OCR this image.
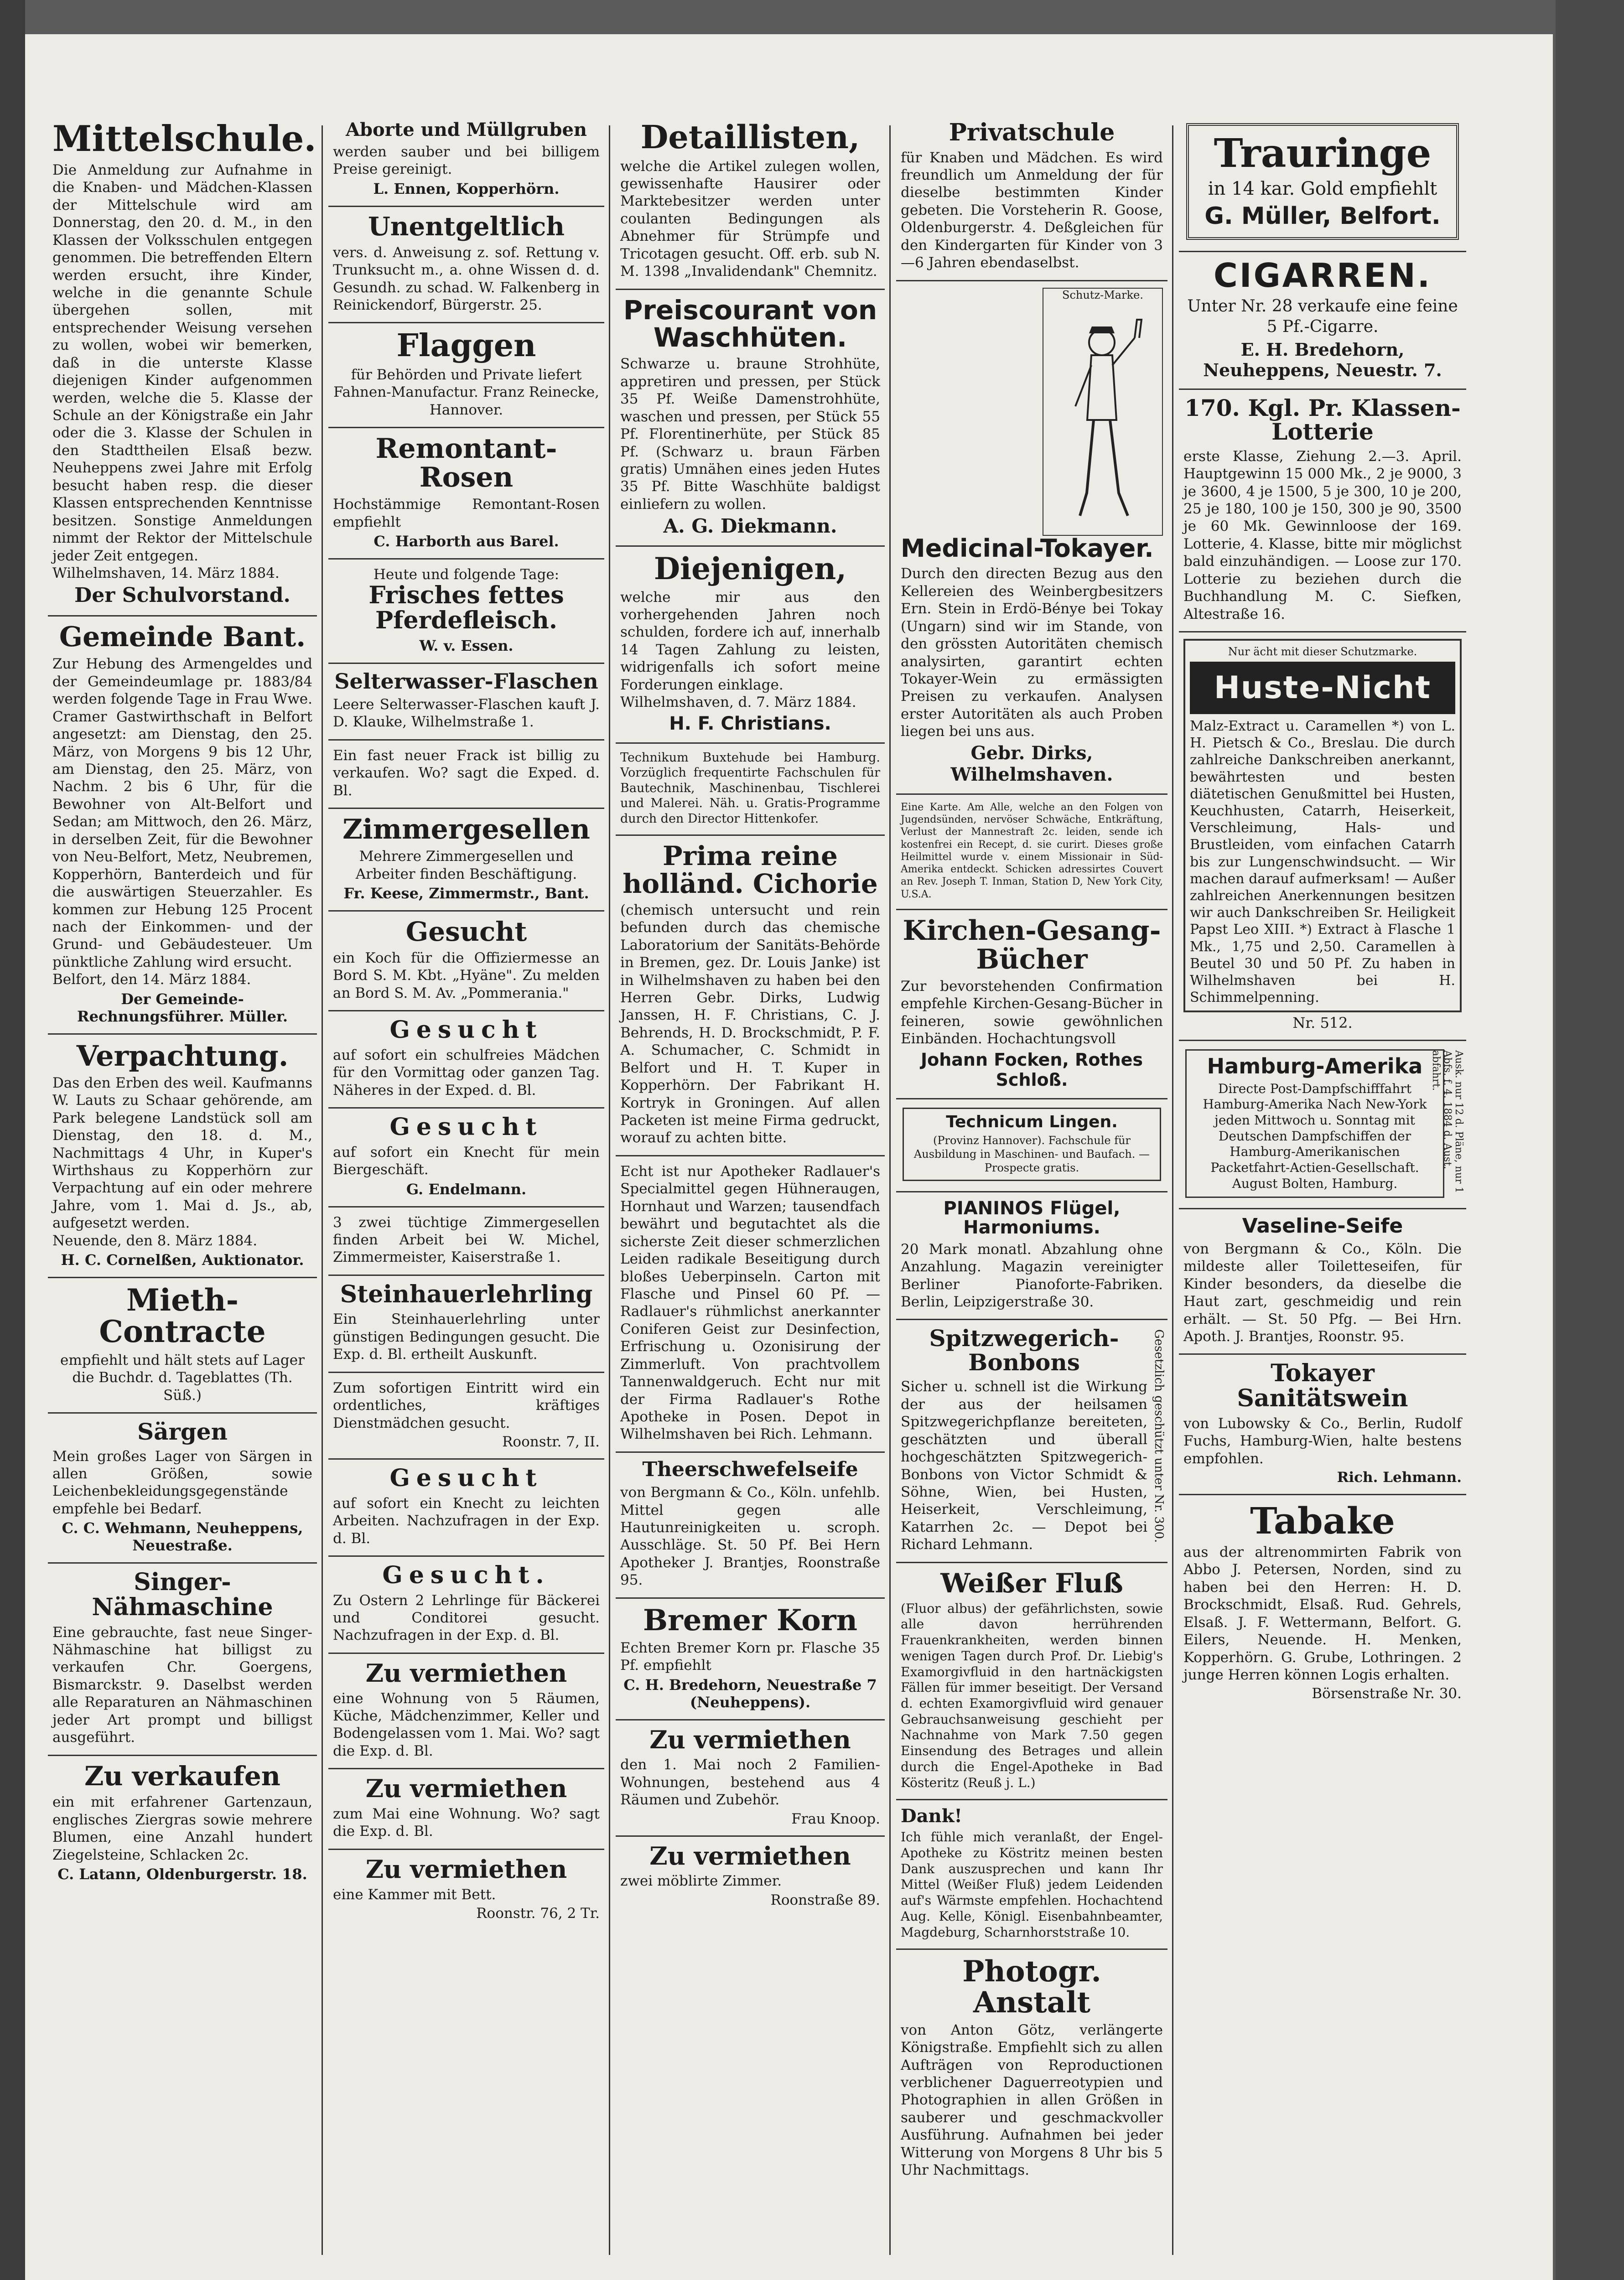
Mittelschule.

Die Anmeldung zur Aufnahme in die Knaben- und Mädchen-Klassen der Mittelschule wird am Donnerstag, den 20. d. M., in den Klassen der Volksschulen entgegen genommen. Die betreffenden Eltern werden ersucht, ihre Kinder, welche in die genannte Schule übergehen sollen, mit entsprechender Weisung versehen zu wollen, wobei wir bemerken, daß in die unterste Klasse diejenigen Kinder aufgenommen werden, welche die 5. Klasse der Schule an der Königstraße ein Jahr oder die 3. Klasse der Schulen in den Stadttheilen Elsaß bezw. Neuheppens zwei Jahre mit Erfolg besucht haben resp. die dieser Klassen entsprechenden Kenntnisse besitzen. Sonstige Anmeldungen nimmt der Rektor der Mittelschule jeder Zeit entgegen.

Wilhelmshaven, 14. März 1884.

Der Schulvorstand.

Gemeinde Bant.

Zur Hebung des Armengeldes und der Gemeindeumlage pr. 1883/84 werden folgende Tage in Frau Wwe. Cramer Gastwirthschaft in Belfort angesetzt: am Dienstag, den 25. März, von Morgens 9 bis 12 Uhr, am Dienstag, den 25. März, von Nachm. 2 bis 6 Uhr, für die Bewohner von Alt-Belfort und Sedan; am Mittwoch, den 26. März, in derselben Zeit, für die Bewohner von Neu-Belfort, Metz, Neubremen, Kopperhörn, Banterdeich und für die auswärtigen Steuerzahler. Es kommen zur Hebung 125 Procent nach der Einkommen- und der Grund- und Gebäudesteuer. Um pünktliche Zahlung wird ersucht.

Belfort, den 14. März 1884.

Der Gemeinde-Rechnungsführer. Müller.

Verpachtung.

Das den Erben des weil. Kaufmanns W. Lauts zu Schaar gehörende, am Park belegene Landstück soll am Dienstag, den 18. d. M., Nachmittags 4 Uhr, in Kuper's Wirthshaus zu Kopperhörn zur Verpachtung auf ein oder mehrere Jahre, vom 1. Mai d. Js., ab, aufgesetzt werden.

Neuende, den 8. März 1884.

H. C. Cornelßen, Auktionator.

Mieth-Contracte

empfiehlt und hält stets auf Lager die Buchdr. d. Tageblattes (Th. Süß.)

Särgen

Mein großes Lager von Särgen in allen Größen, sowie Leichenbekleidungsgegenstände empfehle bei Bedarf.

C. C. Wehmann, Neuheppens, Neuestraße.

Singer-Nähmaschine

Eine gebrauchte, fast neue Singer-Nähmaschine hat billigst zu verkaufen Chr. Goergens, Bismarckstr. 9. Daselbst werden alle Reparaturen an Nähmaschinen jeder Art prompt und billigst ausgeführt.

Zu verkaufen

ein mit erfahrener Gartenzaun, englisches Ziergras sowie mehrere Blumen, eine Anzahl hundert Ziegelsteine, Schlacken 2c.

C. Latann, Oldenburgerstr. 18.

Aborte und Müllgruben

werden sauber und bei billigem Preise gereinigt.

L. Ennen, Kopperhörn.

Unentgeltlich

vers. d. Anweisung z. sof. Rettung v. Trunksucht m., a. ohne Wissen d. d. Gesundh. zu schad. W. Falkenberg in Reinickendorf, Bürgerstr. 25.

Flaggen

für Behörden und Private liefert Fahnen-Manufactur. Franz Reinecke, Hannover.

Remontant-Rosen

Hochstämmige Remontant-Rosen empfiehlt

C. Harborth aus Barel.

Heute und folgende Tage:

Frisches fettes Pferdefleisch.

W. v. Essen.

Selterwasser-Flaschen

Leere Selterwasser-Flaschen kauft J. D. Klauke, Wilhelmstraße 1.

Ein fast neuer Frack ist billig zu verkaufen. Wo? sagt die Exped. d. Bl.

Zimmergesellen

Mehrere Zimmergesellen und Arbeiter finden Beschäftigung.

Fr. Keese, Zimmermstr., Bant.

Gesucht

ein Koch für die Offiziermesse an Bord S. M. Kbt. „Hyäne". Zu melden an Bord S. M. Av. „Pommerania."

Gesucht

auf sofort ein schulfreies Mädchen für den Vormittag oder ganzen Tag. Näheres in der Exped. d. Bl.

Gesucht

auf sofort ein Knecht für mein Biergeschäft.

G. Endelmann.

3 zwei tüchtige Zimmergesellen finden Arbeit bei W. Michel, Zimmermeister, Kaiserstraße 1.

Steinhauerlehrling

Ein Steinhauerlehrling unter günstigen Bedingungen gesucht. Die Exp. d. Bl. ertheilt Auskunft.

Zum sofortigen Eintritt wird ein ordentliches, kräftiges Dienstmädchen gesucht.

Roonstr. 7, II.

Gesucht

auf sofort ein Knecht zu leichten Arbeiten. Nachzufragen in der Exp. d. Bl.

Gesucht.

Zu Ostern 2 Lehrlinge für Bäckerei und Conditorei gesucht. Nachzufragen in der Exp. d. Bl.

Zu vermiethen

eine Wohnung von 5 Räumen, Küche, Mädchenzimmer, Keller und Bodengelassen vom 1. Mai. Wo? sagt die Exp. d. Bl.

Zu vermiethen

zum Mai eine Wohnung. Wo? sagt die Exp. d. Bl.

Zu vermiethen

eine Kammer mit Bett.

Roonstr. 76, 2 Tr.

Detaillisten,

welche die Artikel zulegen wollen, gewissenhafte Hausirer oder Marktebesitzer werden unter coulanten Bedingungen als Abnehmer für Strümpfe und Tricotagen gesucht. Off. erb. sub N. M. 1398 „Invalidendank" Chemnitz.

Preiscourant von Waschhüten.

Schwarze u. braune Strohhüte, appretiren und pressen, per Stück 35 Pf. Weiße Damenstrohhüte, waschen und pressen, per Stück 55 Pf. Florentinerhüte, per Stück 85 Pf. (Schwarz u. braun Färben gratis) Umnähen eines jeden Hutes 35 Pf. Bitte Waschhüte baldigst einliefern zu wollen.

A. G. Diekmann.

Diejenigen,

welche mir aus den vorhergehenden Jahren noch schulden, fordere ich auf, innerhalb 14 Tagen Zahlung zu leisten, widrigenfalls ich sofort meine Forderungen einklage.

Wilhelmshaven, d. 7. März 1884.

H. F. Christians.

Technikum Buxtehude bei Hamburg. Vorzüglich frequentirte Fachschulen für Bautechnik, Maschinenbau, Tischlerei und Malerei. Näh. u. Gratis-Programme durch den Director Hittenkofer.

Prima reine holländ. Cichorie

(chemisch untersucht und rein befunden durch das chemische Laboratorium der Sanitäts-Behörde in Bremen, gez. Dr. Louis Janke) ist in Wilhelmshaven zu haben bei den Herren Gebr. Dirks, Ludwig Janssen, H. F. Christians, C. J. Behrends, H. D. Brockschmidt, P. F. A. Schumacher, C. Schmidt in Belfort und H. T. Kuper in Kopperhörn. Der Fabrikant H. Kortryk in Groningen. Auf allen Packeten ist meine Firma gedruckt, worauf zu achten bitte.

Echt ist nur Apotheker Radlauer's Specialmittel gegen Hühneraugen, Hornhaut und Warzen; tausendfach bewährt und begutachtet als die sicherste Zeit dieser schmerzlichen Leiden radikale Beseitigung durch bloßes Ueberpinseln. Carton mit Flasche und Pinsel 60 Pf. — Radlauer's rühmlichst anerkannter Coniferen Geist zur Desinfection, Erfrischung u. Ozonisirung der Zimmerluft. Von prachtvollem Tannenwaldgeruch. Echt nur mit der Firma Radlauer's Rothe Apotheke in Posen. Depot in Wilhelmshaven bei Rich. Lehmann.

Theerschwefelseife

von Bergmann & Co., Köln. unfehlb. Mittel gegen alle Hautunreinigkeiten u. scroph. Ausschläge. St. 50 Pf. Bei Hern Apotheker J. Brantjes, Roonstraße 95.

Bremer Korn

Echten Bremer Korn pr. Flasche 35 Pf. empfiehlt

C. H. Bredehorn, Neuestraße 7 (Neuheppens).

Zu vermiethen

den 1. Mai noch 2 Familien-Wohnungen, bestehend aus 4 Räumen und Zubehör.

Frau Knoop.

Zu vermiethen

zwei möblirte Zimmer.

Roonstraße 89.

Privatschule

für Knaben und Mädchen. Es wird freundlich um Anmeldung der für dieselbe bestimmten Kinder gebeten. Die Vorsteherin R. Goose, Oldenburgerstr. 4. Deßgleichen für den Kindergarten für Kinder von 3—6 Jahren ebendaselbst.

Schutz-Marke.
Medicinal-Tokayer.

Durch den directen Bezug aus den Kellereien des Weinbergbesitzers Ern. Stein in Erdö-Bénye bei Tokay (Ungarn) sind wir im Stande, von den grössten Autoritäten chemisch analysirten, garantirt echten Tokayer-Wein zu ermässigten Preisen zu verkaufen. Analysen erster Autoritäten als auch Proben liegen bei uns aus.

Gebr. Dirks, Wilhelmshaven.

Eine Karte. Am Alle, welche an den Folgen von Jugendsünden, nervöser Schwäche, Entkräftung, Verlust der Mannestraft 2c. leiden, sende ich kostenfrei ein Recept, d. sie curirt. Dieses große Heilmittel wurde v. einem Missionair in Süd-Amerika entdeckt. Schicken adressirtes Couvert an Rev. Joseph T. Inman, Station D, New York City, U.S.A.

Kirchen-Gesang-Bücher

Zur bevorstehenden Confirmation empfehle Kirchen-Gesang-Bücher in feineren, sowie gewöhnlichen Einbänden. Hochachtungsvoll

Johann Focken, Rothes Schloß.

Technicum Lingen.

(Provinz Hannover). Fachschule für Ausbildung in Maschinen- und Baufach. — Prospecte gratis.

PIANINOS Flügel, Harmoniums.

20 Mark monatl. Abzahlung ohne Anzahlung. Magazin vereinigter Berliner Pianoforte-Fabriken. Berlin, Leipzigerstraße 30.

Spitzwegerich-Bonbons

Sicher u. schnell ist die Wirkung der aus der heilsamen Spitzwegerichpflanze bereiteten, geschätzten und überall hochgeschätzten Spitzwegerich-Bonbons von Victor Schmidt & Söhne, Wien, bei Husten, Heiserkeit, Verschleimung, Katarrhen 2c. — Depot bei Richard Lehmann.

Gesetzlich geschützt unter Nr. 300.
Weißer Fluß

(Fluor albus) der gefährlichsten, sowie alle davon herrührenden Frauenkrankheiten, werden binnen wenigen Tagen durch Prof. Dr. Liebig's Examorgivfluid in den hartnäckigsten Fällen für immer beseitigt. Der Versand d. echten Examorgivfluid wird genauer Gebrauchsanweisung geschieht per Nachnahme von Mark 7.50 gegen Einsendung des Betrages und allein durch die Engel-Apotheke in Bad Kösteritz (Reuß j. L.)

Dank!

Ich fühle mich veranlaßt, der Engel-Apotheke zu Köstritz meinen besten Dank auszusprechen und kann Ihr Mittel (Weißer Fluß) jedem Leidenden auf's Wärmste empfehlen. Hochachtend Aug. Kelle, Königl. Eisenbahnbeamter, Magdeburg, Scharnhorststraße 10.

Photogr. Anstalt

von Anton Götz, verlängerte Königstraße. Empfiehlt sich zu allen Aufträgen von Reproductionen verblichener Daguerreotypien und Photographien in allen Größen in sauberer und geschmackvoller Ausführung. Aufnahmen bei jeder Witterung von Morgens 8 Uhr bis 5 Uhr Nachmittags.

Trauringe

in 14 kar. Gold empfiehlt

G. Müller, Belfort.

CIGARREN.

Unter Nr. 28 verkaufe eine feine 5 Pf.-Cigarre.

E. H. Bredehorn, Neuheppens, Neuestr. 7.

170. Kgl. Pr. Klassen-Lotterie

erste Klasse, Ziehung 2.—3. April. Hauptgewinn 15 000 Mk., 2 je 9000, 3 je 3600, 4 je 1500, 5 je 300, 10 je 200, 25 je 180, 100 je 150, 300 je 90, 3500 je 60 Mk. Gewinnloose der 169. Lotterie, 4. Klasse, bitte mir möglichst bald einzuhändigen. — Loose zur 170. Lotterie zu beziehen durch die Buchhandlung M. C. Siefken, Altestraße 16.

Nur ächt mit dieser Schutzmarke.
Huste-Nicht

Malz-Extract u. Caramellen *) von L. H. Pietsch & Co., Breslau. Die durch zahlreiche Dankschreiben anerkannt, bewährtesten und besten diätetischen Genußmittel bei Husten, Keuchhusten, Catarrh, Heiserkeit, Verschleimung, Hals- und Brustleiden, vom einfachen Catarrh bis zur Lungenschwindsucht. — Wir machen darauf aufmerksam! — Außer zahlreichen Anerkennungen besitzen wir auch Dankschreiben Sr. Heiligkeit Papst Leo XIII. *) Extract à Flasche 1 Mk., 1,75 und 2,50. Caramellen à Beutel 30 und 50 Pf. Zu haben in Wilhelmshaven bei H. Schimmelpenning.

Nr. 512.

Hamburg-Amerika

Directe Post-Dampfschifffahrt Hamburg-Amerika Nach New-York jeden Mittwoch u. Sonntag mit Deutschen Dampfschiffen der Hamburg-Amerikanischen Packetfahrt-Actien-Gesellschaft. August Bolten, Hamburg.	Ausk. nur 12 d. Pläne, nur 1 Abfs. f. 4. 1884 d. Aust. abfahrt.
Vaseline-Seife

von Bergmann & Co., Köln. Die mildeste aller Toiletteseifen, für Kinder besonders, da dieselbe die Haut zart, geschmeidig und rein erhält. — St. 50 Pfg. — Bei Hrn. Apoth. J. Brantjes, Roonstr. 95.

Tokayer Sanitätswein

von Lubowsky & Co., Berlin, Rudolf Fuchs, Hamburg-Wien, halte bestens empfohlen.

Rich. Lehmann.

Tabake

aus der altrenommirten Fabrik von Abbo J. Petersen, Norden, sind zu haben bei den Herren: H. D. Brockschmidt, Elsaß. Rud. Gehrels, Elsaß. J. F. Wettermann, Belfort. G. Eilers, Neuende. H. Menken, Kopperhörn. G. Grube, Lothringen. 2 junge Herren können Logis erhalten.

Börsenstraße Nr. 30.
